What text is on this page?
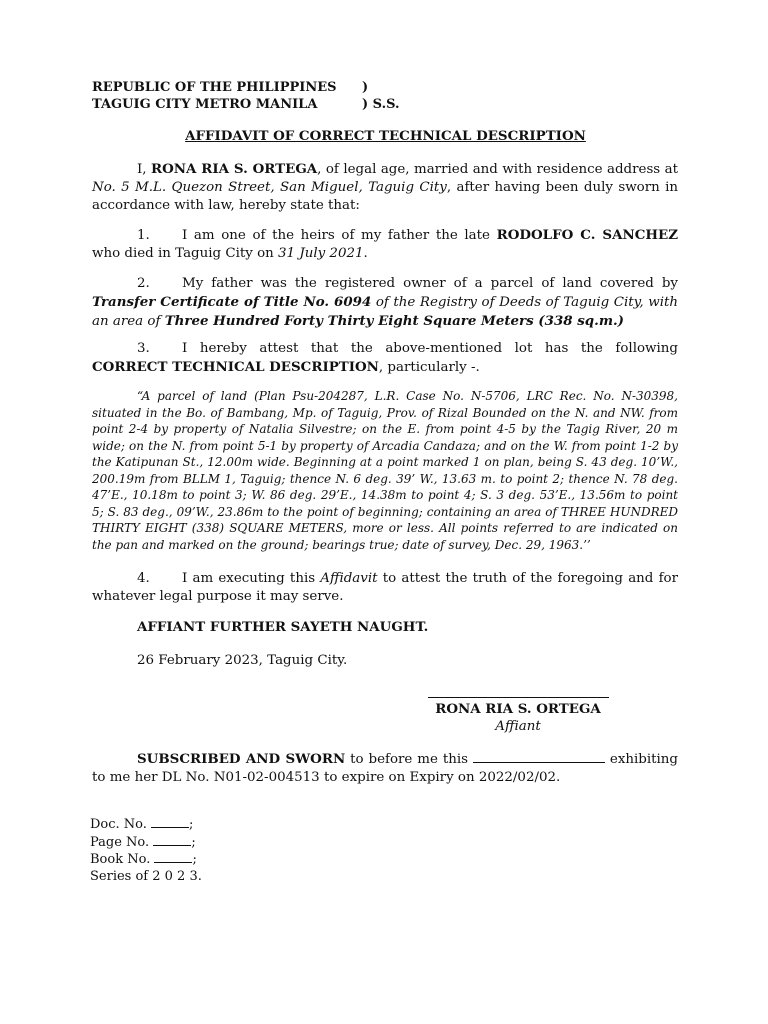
REPUBLIC OF THE PHILIPPINES )
TAGUIG CITY METRO MANILA	) S.S.
AFFIDAVIT OF CORRECT TECHNICAL DESCRIPTION
I, RONA RIA S. ORTEGA, of legal age, married and with residence address at No. 5 M.L. Quezon Street, San Miguel, Taguig City, after having been duly sworn in accordance with law, hereby state that:
1. I am one of the heirs of my father the late RODOLFO C. SANCHEZ who died in Taguig City on 31 July 2021.
2. My father was the registered owner of a parcel of land covered by Transfer Certificate of Title No. 6094 of the Registry of Deeds of Taguig City, with an area of Three Hundred Forty Thirty Eight Square Meters (338 sq.m.)
3. I hereby attest that the above-mentioned lot has the following CORRECT TECHNICAL DESCRIPTION, particularly -.
“A parcel of land (Plan Psu-204287, L.R. Case No. N-5706, LRC Rec. No. N-30398, situated in the Bo. of Bambang, Mp. of Taguig, Prov. of Rizal Bounded on the N. and NW. from point 2-4 by property of Natalia Silvestre; on the E. from point 4-5 by the Tagig River, 20 m wide; on the N. from point 5-1 by property of Arcadia Candaza; and on the W. from point 1-2 by the Katipunan St., 12.00m wide. Beginning at a point marked 1 on plan, being S. 43 deg. 10’W., 200.19m from BLLM 1, Taguig; thence N. 6 deg. 39’ W., 13.63 m. to point 2; thence N. 78 deg. 47’E., 10.18m to point 3; W. 86 deg. 29’E., 14.38m to point 4; S. 3 deg. 53’E., 13.56m to point 5; S. 83 deg., 09’W., 23.86m to the point of beginning; containing an area of THREE HUNDRED THIRTY EIGHT (338) SQUARE METERS, more or less. All points referred to are indicated on the pan and marked on the ground; bearings true; date of survey, Dec. 29, 1963.’’
4. I am executing this Affidavit to attest the truth of the foregoing and for whatever legal purpose it may serve.
AFFIANT FURTHER SAYETH NAUGHT.
26 February 2023, Taguig City.
RONA RIA S. ORTEGA
Affiant
SUBSCRIBED AND SWORN to before me this	exhibiting to me her DL No. N01-02-004513 to expire on Expiry on 2022/02/02.
Doc. No.	;
Page No.	;
Book No.	;
Series of 2 0 2 3.
